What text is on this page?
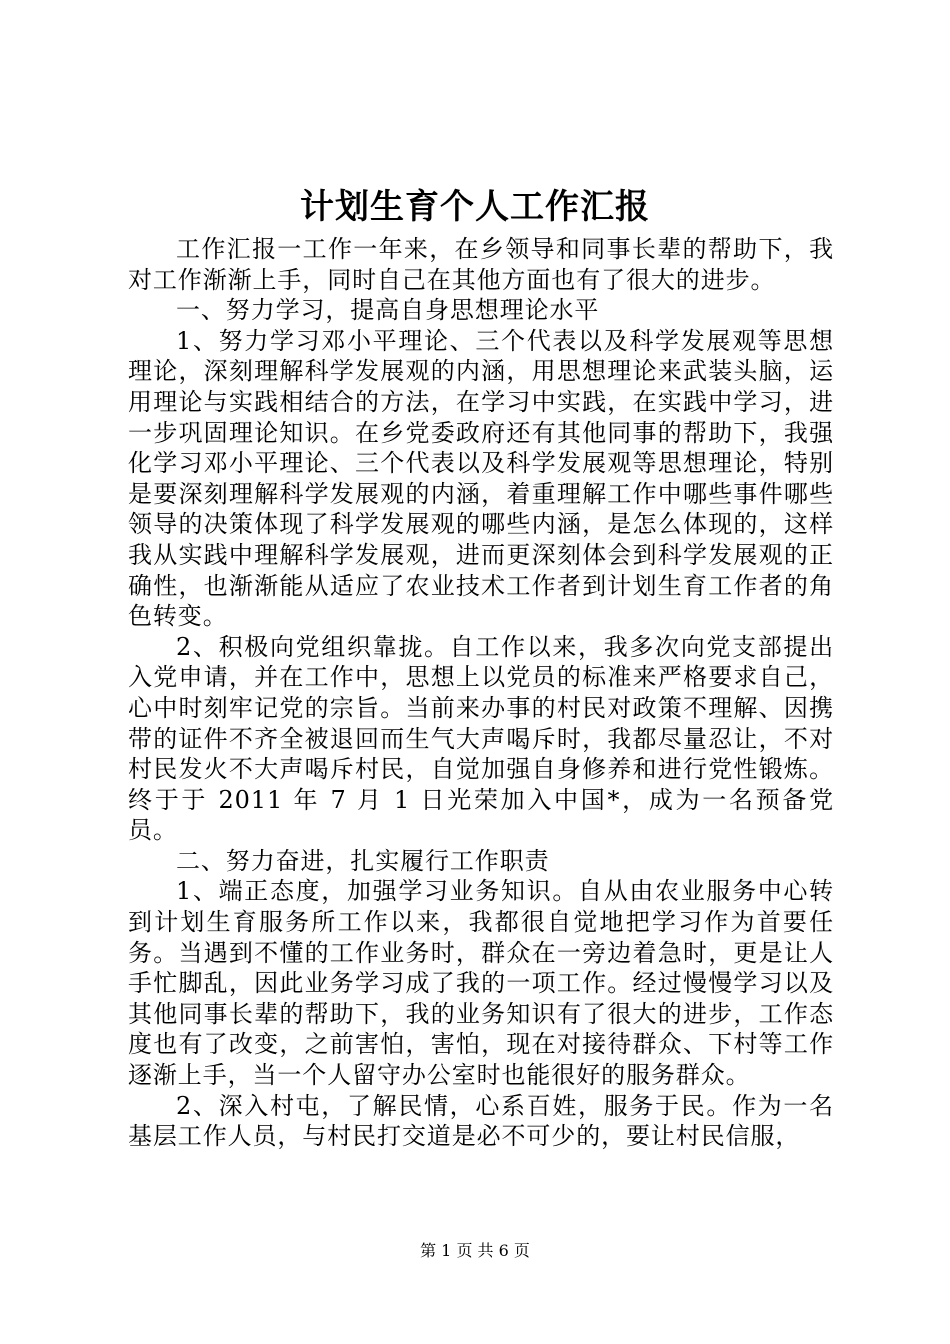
计划生育个人工作汇报

工作汇报一工作一年来，在乡领导和同事长辈的帮助下，我对工作渐渐上手，同时自己在其他方面也有了很大的进步。

一、努力学习，提高自身思想理论水平

1、努力学习邓小平理论、三个代表以及科学发展观等思想理论，深刻理解科学发展观的内涵，用思想理论来武装头脑，运用理论与实践相结合的方法，在学习中实践，在实践中学习，进一步巩固理论知识。在乡党委政府还有其他同事的帮助下，我强化学习邓小平理论、三个代表以及科学发展观等思想理论，特别是要深刻理解科学发展观的内涵，着重理解工作中哪些事件哪些领导的决策体现了科学发展观的哪些内涵，是怎么体现的，这样我从实践中理解科学发展观，进而更深刻体会到科学发展观的正确性，也渐渐能从适应了农业技术工作者到计划生育工作者的角色转变。

2、积极向党组织靠拢。自工作以来，我多次向党支部提出入党申请，并在工作中，思想上以党员的标准来严格要求自己，心中时刻牢记党的宗旨。当前来办事的村民对政策不理解、因携带的证件不齐全被退回而生气大声喝斥时，我都尽量忍让，不对村民发火不大声喝斥村民，自觉加强自身修养和进行党性锻炼。终于于 2011 年 7 月 1 日光荣加入中国*，成为一名预备党员。

二、努力奋进，扎实履行工作职责

1、端正态度，加强学习业务知识。自从由农业服务中心转到计划生育服务所工作以来，我都很自觉地把学习作为首要任务。当遇到不懂的工作业务时，群众在一旁边着急时，更是让人手忙脚乱，因此业务学习成了我的一项工作。经过慢慢学习以及其他同事长辈的帮助下，我的业务知识有了很大的进步，工作态度也有了改变，之前害怕，害怕，现在对接待群众、下村等工作逐渐上手，当一个人留守办公室时也能很好的服务群众。

2、深入村屯，了解民情，心系百姓，服务于民。作为一名基层工作人员，与村民打交道是必不可少的，要让村民信服，

第 1 页 共 6 页
